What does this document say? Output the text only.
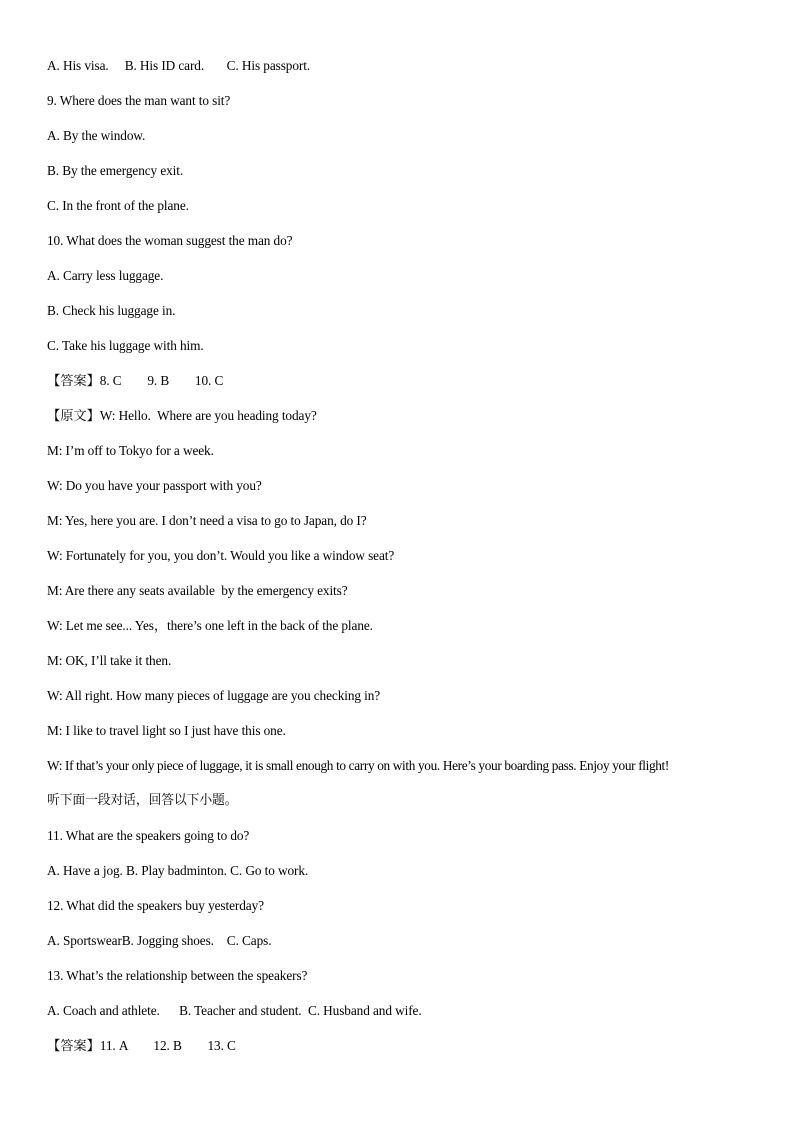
A. His visa.     B. His ID card.       C. His passport.
9. Where does the man want to sit?
A. By the window.
B. By the emergency exit.
C. In the front of the plane.
10. What does the woman suggest the man do?
A. Carry less luggage.
B. Check his luggage in.
C. Take his luggage with him.
【答案】8. C        9. B        10. C
【原文】W: Hello.  Where are you heading today?
M: I’m off to Tokyo for a week.
W: Do you have your passport with you?
M: Yes, here you are. I don’t need a visa to go to Japan, do I?
W: Fortunately for you, you don’t. Would you like a window seat?
M: Are there any seats available  by the emergency exits?
W: Let me see... Yes，there’s one left in the back of the plane.
M: OK, I’ll take it then.
W: All right. How many pieces of luggage are you checking in?
M: I like to travel light so I just have this one.
W: If that’s your only piece of luggage, it is small enough to carry on with you. Here’s your boarding pass. Enjoy your flight!
听下面一段对话，回答以下小题。
11. What are the speakers going to do?
A. Have a jog. B. Play badminton. C. Go to work.
12. What did the speakers buy yesterday?
A. SportswearB. Jogging shoes.    C. Caps.
13. What’s the relationship between the speakers?
A. Coach and athlete.      B. Teacher and student.  C. Husband and wife.
【答案】11. A        12. B        13. C
